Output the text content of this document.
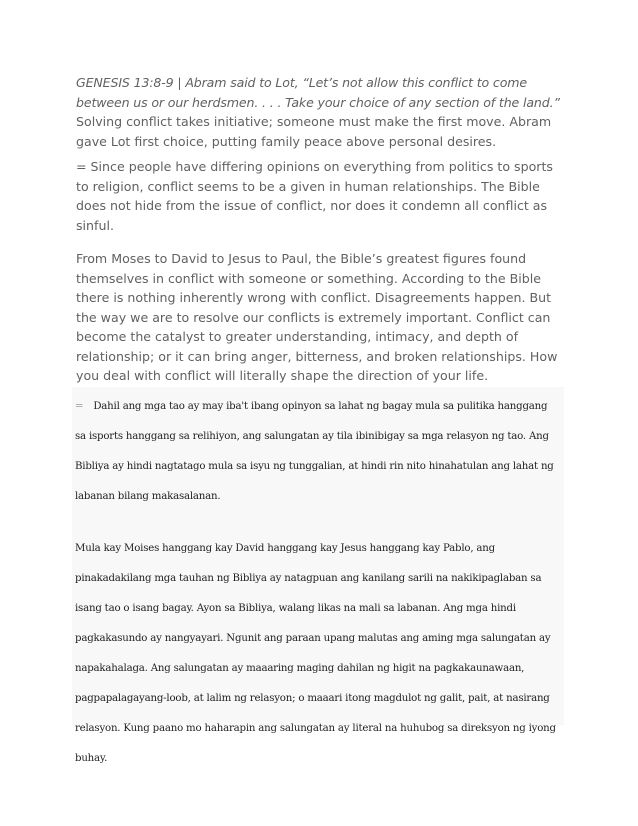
GENESIS 13:8-9 | Abram said to Lot, “Let’s not allow this conflict to come between us or our herdsmen. . . . Take your choice of any section of the land.”

Solving conflict takes initiative; someone must make the first move. Abram gave Lot first choice, putting family peace above personal desires.

= Since people have differing opinions on everything from politics to sports to religion, conflict seems to be a given in human relationships. The Bible does not hide from the issue of conflict, nor does it condemn all conflict as sinful.

From Moses to David to Jesus to Paul, the Bible’s greatest figures found themselves in conflict with someone or something. According to the Bible there is nothing inherently wrong with conflict. Disagreements happen. But the way we are to resolve our conflicts is extremely important. Conflict can become the catalyst to greater understanding, intimacy, and depth of relationship; or it can bring anger, bitterness, and broken relationships. How you deal with conflict will literally shape the direction of your life.

= Dahil ang mga tao ay may iba't ibang opinyon sa lahat ng bagay mula sa pulitika hanggang sa isports hanggang sa relihiyon, ang salungatan ay tila ibinibigay sa mga relasyon ng tao. Ang Bibliya ay hindi nagtatago mula sa isyu ng tunggalian, at hindi rin nito hinahatulan ang lahat ng labanan bilang makasalanan.

Mula kay Moises hanggang kay David hanggang kay Jesus hanggang kay Pablo, ang pinakadakilang mga tauhan ng Bibliya ay natagpuan ang kanilang sarili na nakikipaglaban sa isang tao o isang bagay. Ayon sa Bibliya, walang likas na mali sa labanan. Ang mga hindi pagkakasundo ay nangyayari. Ngunit ang paraan upang malutas ang aming mga salungatan ay napakahalaga. Ang salungatan ay maaaring maging dahilan ng higit na pagkakaunawaan, pagpapalagayang-loob, at lalim ng relasyon; o maaari itong magdulot ng galit, pait, at nasirang relasyon. Kung paano mo haharapin ang salungatan ay literal na huhubog sa direksyon ng iyong buhay.
